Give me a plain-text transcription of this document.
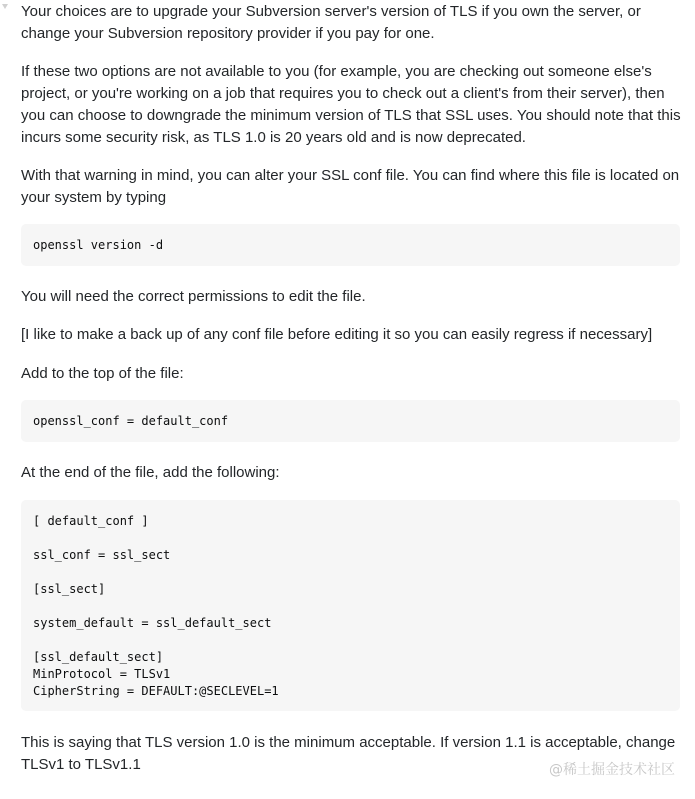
Your choices are to upgrade your Subversion server's version of TLS if you own the server, or change your Subversion repository provider if you pay for one.

If these two options are not available to you (for example, you are checking out someone else's project, or you're working on a job that requires you to check out a client's from their server), then you can choose to downgrade the minimum version of TLS that SSL uses. You should note that this incurs some security risk, as TLS 1.0 is 20 years old and is now deprecated.

With that warning in mind, you can alter your SSL conf file. You can find where this file is located on your system by typing

openssl version -d

You will need the correct permissions to edit the file.

[I like to make a back up of any conf file before editing it so you can easily regress if necessary]

Add to the top of the file:

openssl_conf = default_conf

At the end of the file, add the following:

[ default_conf ]
ssl_conf = ssl_sect
[ssl_sect]
system_default = ssl_default_sect
[ssl_default_sect]
MinProtocol = TLSv1
CipherString = DEFAULT:@SECLEVEL=1

This is saying that TLS version 1.0 is the minimum acceptable. If version 1.1 is acceptable, change TLSv1 to TLSv1.1	@稀土掘金技术社区
